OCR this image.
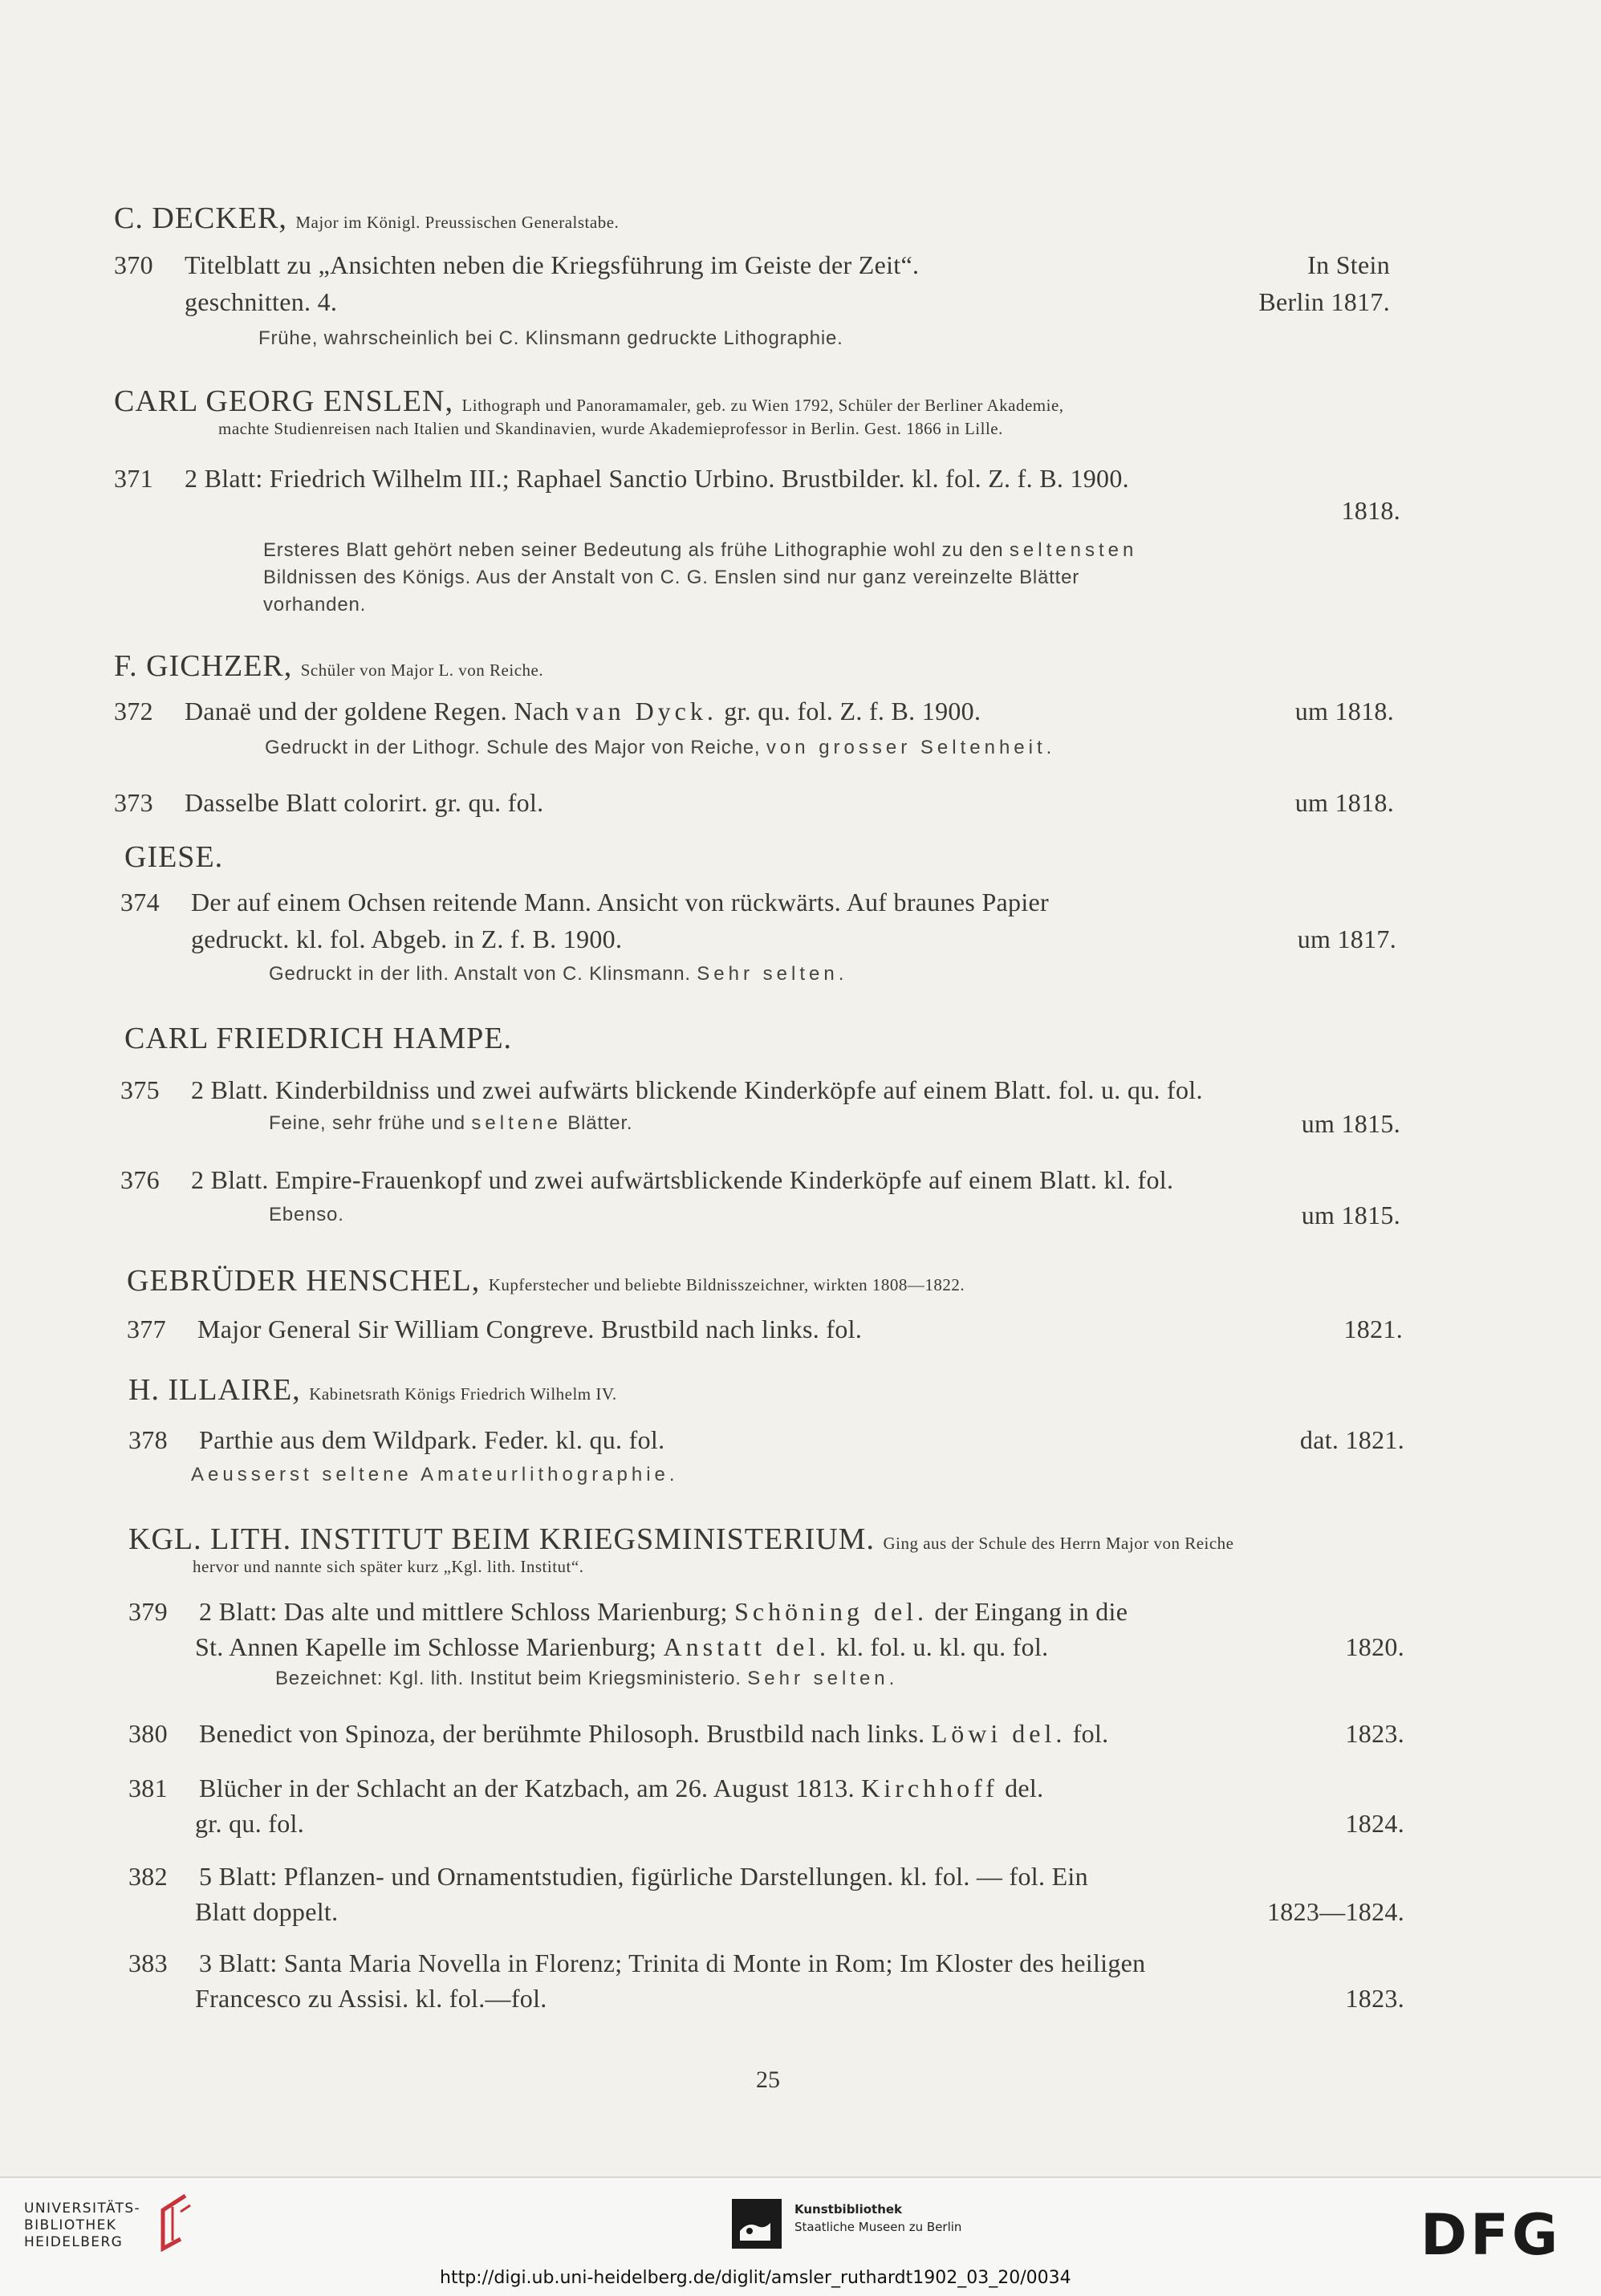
C. DECKER, Major im Königl. Preussischen Generalstabe.
370 Titelblatt zu „Ansichten neben die Kriegsführung im Geiste der Zeit“.	In Stein
geschnitten. 4.	Berlin 1817.
Frühe, wahrscheinlich bei C. Klinsmann gedruckte Lithographie.
CARL GEORG ENSLEN, Lithograph und Panoramamaler, geb. zu Wien 1792, Schüler der Berliner Akademie,
machte Studienreisen nach Italien und Skandinavien, wurde Akademieprofessor in Berlin. Gest. 1866 in Lille.
371 2 Blatt: Friedrich Wilhelm III.; Raphael Sanctio Urbino. Brustbilder. kl. fol. Z. f. B. 1900.
1818.
Ersteres Blatt gehört neben seiner Bedeutung als frühe Lithographie wohl zu den seltensten
Bildnissen des Königs. Aus der Anstalt von C. G. Enslen sind nur ganz vereinzelte Blätter
vorhanden.
F. GICHZER, Schüler von Major L. von Reiche.
372 Danaë und der goldene Regen. Nach van Dyck. gr. qu. fol. Z. f. B. 1900.	um 1818.
Gedruckt in der Lithogr. Schule des Major von Reiche, von grosser Seltenheit.
373 Dasselbe Blatt colorirt. gr. qu. fol.	um 1818.
GIESE.
374 Der auf einem Ochsen reitende Mann. Ansicht von rückwärts. Auf braunes Papier
gedruckt. kl. fol. Abgeb. in Z. f. B. 1900.	um 1817.
Gedruckt in der lith. Anstalt von C. Klinsmann. Sehr selten.
CARL FRIEDRICH HAMPE.
375 2 Blatt. Kinderbildniss und zwei aufwärts blickende Kinderköpfe auf einem Blatt. fol. u. qu. fol.
Feine, sehr frühe und seltene Blätter.	um 1815.
376 2 Blatt. Empire-Frauenkopf und zwei aufwärtsblickende Kinderköpfe auf einem Blatt. kl. fol.
Ebenso.	um 1815.
GEBRÜDER HENSCHEL, Kupferstecher und beliebte Bildnisszeichner, wirkten 1808—1822.
377 Major General Sir William Congreve. Brustbild nach links. fol.	1821.
H. ILLAIRE, Kabinetsrath Königs Friedrich Wilhelm IV.
378 Parthie aus dem Wildpark. Feder. kl. qu. fol.	dat. 1821.
Aeusserst seltene Amateurlithographie.
KGL. LITH. INSTITUT BEIM KRIEGSMINISTERIUM. Ging aus der Schule des Herrn Major von Reiche
hervor und nannte sich später kurz „Kgl. lith. Institut“.
379 2 Blatt: Das alte und mittlere Schloss Marienburg; Schöning del. der Eingang in die
St. Annen Kapelle im Schlosse Marienburg; Anstatt del. kl. fol. u. kl. qu. fol.	1820.
Bezeichnet: Kgl. lith. Institut beim Kriegsministerio. Sehr selten.
380 Benedict von Spinoza, der berühmte Philosoph. Brustbild nach links. Löwi del. fol.	1823.
381 Blücher in der Schlacht an der Katzbach, am 26. August 1813. Kirchhoff del.
gr. qu. fol.	1824.
382 5 Blatt: Pflanzen- und Ornamentstudien, figürliche Darstellungen. kl. fol. — fol. Ein
Blatt doppelt.	1823—1824.
383 3 Blatt: Santa Maria Novella in Florenz; Trinita di Monte in Rom; Im Kloster des heiligen
Francesco zu Assisi. kl. fol.—fol.	1823.
25
UNIVERSITÄTS-
BIBLIOTHEK
HEIDELBERG
Kunstbibliothek
Staatliche Museen zu Berlin	DFG
http://digi.ub.uni-heidelberg.de/diglit/amsler_ruthardt1902_03_20/0034
